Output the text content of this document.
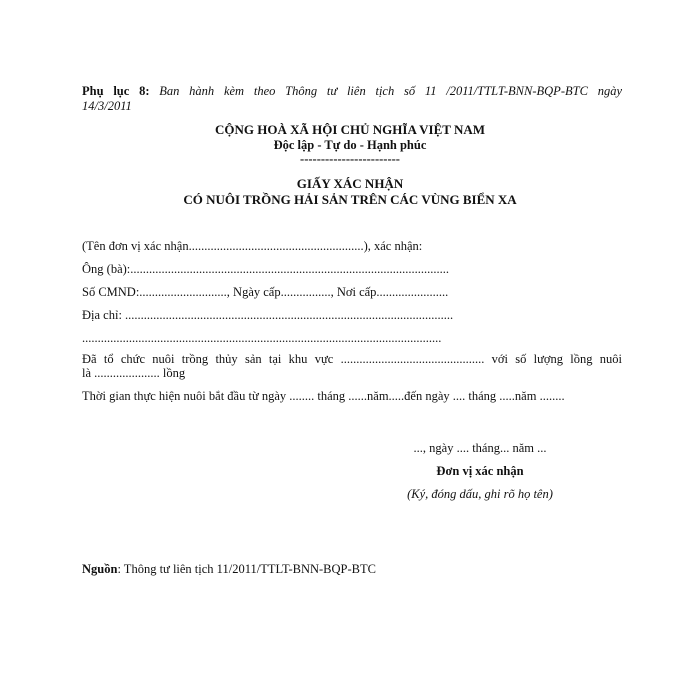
Phụ lục 8: Ban hành kèm theo Thông tư liên tịch số 11 /2011/TTLT-BNN-BQP-BTC ngày
14/3/2011
CỘNG HOÀ XÃ HỘI CHỦ NGHĨA VIỆT NAM
Độc lập - Tự do - Hạnh phúc
------------------------
GIẤY XÁC NHẬN
CÓ NUÔI TRỒNG HẢI SẢN TRÊN CÁC VÙNG BIỂN XA
(Tên đơn vị xác nhận........................................................), xác nhận:
Ông (bà):......................................................................................................
Số CMND:............................, Ngày cấp................, Nơi cấp.......................
Địa chỉ: .........................................................................................................
...................................................................................................................
Đã tổ chức nuôi trồng thủy sản tại khu vực .............................................. với số lượng lồng nuôi
là ..................... lồng
Thời gian thực hiện nuôi bắt đầu từ ngày ........ tháng ......năm.....đến ngày .... tháng .....năm ........
..., ngày .... tháng... năm ...
Đơn vị xác nhận
(Ký, đóng dấu, ghi rõ họ tên)
Nguồn: Thông tư liên tịch 11/2011/TTLT-BNN-BQP-BTC
